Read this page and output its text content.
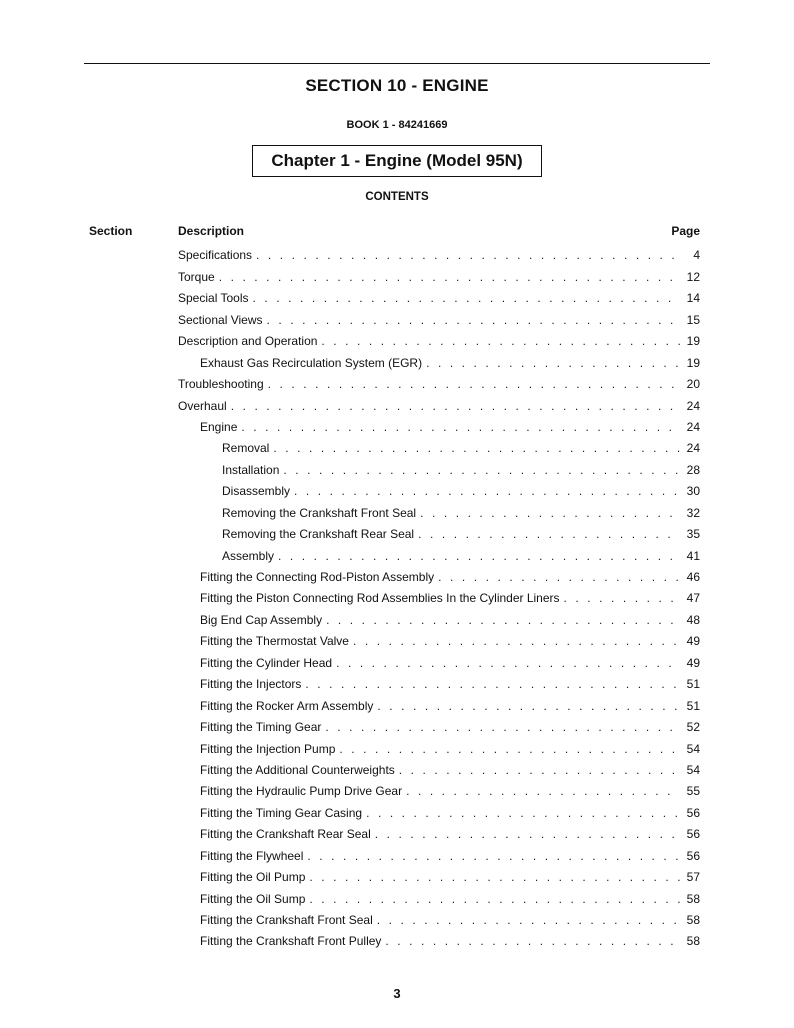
SECTION 10 - ENGINE

BOOK 1 - 84241669

Chapter 1 - Engine (Model 95N)

CONTENTS

Section	Description	Page

Specifications . . .	4
Torque . . .	12
Special Tools . . .	14
Sectional Views . . .	15
Description and Operation . . .	19
Exhaust Gas Recirculation System (EGR) . . .	19
Troubleshooting . . .	20
Overhaul . . .	24
Engine . . .	24
Removal . . .	24
Installation . . .	28
Disassembly . . .	30
Removing the Crankshaft Front Seal . . .	32
Removing the Crankshaft Rear Seal . . .	35
Assembly . . .	41
Fitting the Connecting Rod-Piston Assembly . . .	46
Fitting the Piston Connecting Rod Assemblies In the Cylinder Liners . . .	47
Big End Cap Assembly . . .	48
Fitting the Thermostat Valve . . .	49
Fitting the Cylinder Head . . .	49
Fitting the Injectors . . .	51
Fitting the Rocker Arm Assembly . . .	51
Fitting the Timing Gear . . .	52
Fitting the Injection Pump . . .	54
Fitting the Additional Counterweights . . .	54
Fitting the Hydraulic Pump Drive Gear . . .	55
Fitting the Timing Gear Casing . . .	56
Fitting the Crankshaft Rear Seal . . .	56
Fitting the Flywheel . . .	56
Fitting the Oil Pump . . .	57
Fitting the Oil Sump . . .	58
Fitting the Crankshaft Front Seal . . .	58
Fitting the Crankshaft Front Pulley . . .	58

3
